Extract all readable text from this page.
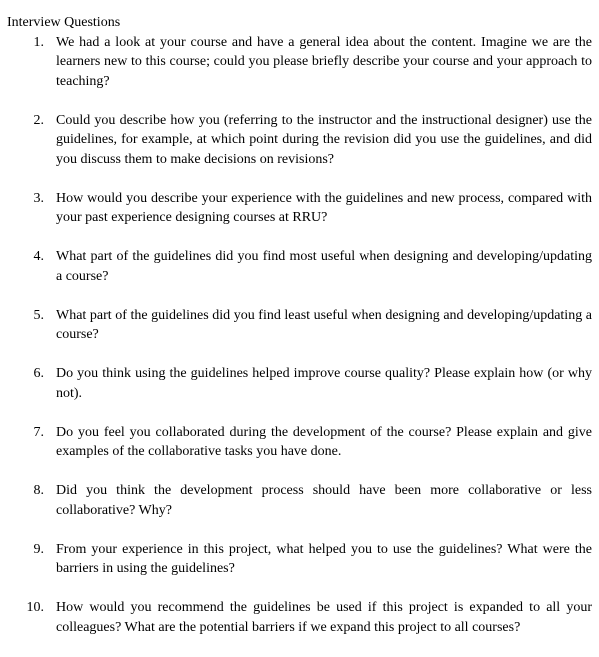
Interview Questions

1. We had a look at your course and have a general idea about the content. Imagine we are the learners new to this course; could you please briefly describe your course and your approach to teaching?
2. Could you describe how you (referring to the instructor and the instructional designer) use the guidelines, for example, at which point during the revision did you use the guidelines, and did you discuss them to make decisions on revisions?
3. How would you describe your experience with the guidelines and new process, compared with your past experience designing courses at RRU?
4. What part of the guidelines did you find most useful when designing and developing/updating a course?
5. What part of the guidelines did you find least useful when designing and developing/updating a course?
6. Do you think using the guidelines helped improve course quality? Please explain how (or why not).
7. Do you feel you collaborated during the development of the course? Please explain and give examples of the collaborative tasks you have done.
8. Did you think the development process should have been more collaborative or less collaborative? Why?
9. From your experience in this project, what helped you to use the guidelines? What were the barriers in using the guidelines?
10. How would you recommend the guidelines be used if this project is expanded to all your colleagues? What are the potential barriers if we expand this project to all courses?
